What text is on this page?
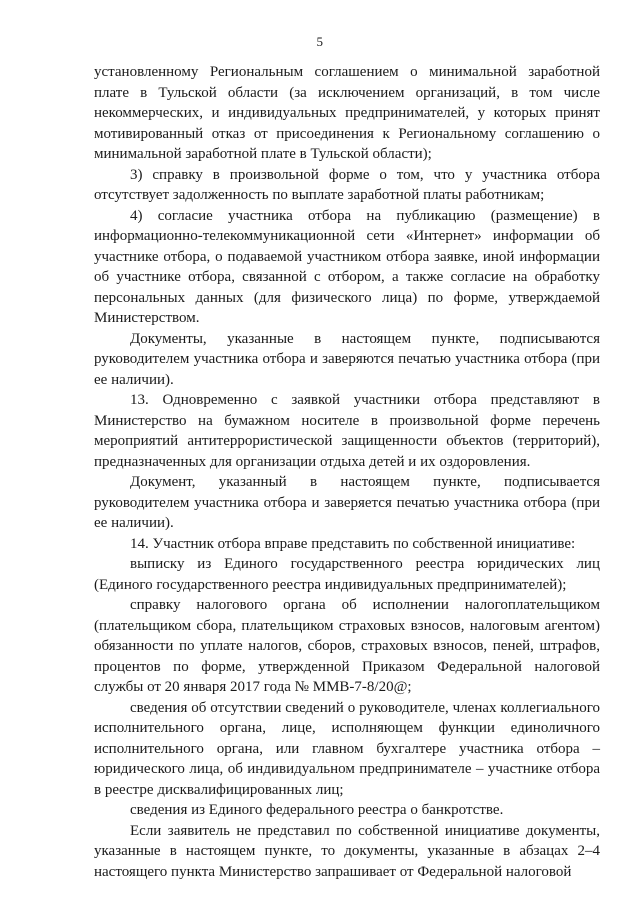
5

установленному Региональным соглашением о минимальной заработной плате в Тульской области (за исключением организаций, в том числе некоммерческих, и индивидуальных предпринимателей, у которых принят мотивированный отказ от присоединения к Региональному соглашению о минимальной заработной плате в Тульской области);

3) справку в произвольной форме о том, что у участника отбора отсутствует задолженность по выплате заработной платы работникам;

4) согласие участника отбора на публикацию (размещение) в информационно-телекоммуникационной сети «Интернет» информации об участнике отбора, о подаваемой участником отбора заявке, иной информации об участнике отбора, связанной с отбором, а также согласие на обработку персональных данных (для физического лица) по форме, утверждаемой Министерством.

Документы, указанные в настоящем пункте, подписываются руководителем участника отбора и заверяются печатью участника отбора (при ее наличии).

13. Одновременно с заявкой участники отбора представляют в Министерство на бумажном носителе в произвольной форме перечень мероприятий антитеррористической защищенности объектов (территорий), предназначенных для организации отдыха детей и их оздоровления.

Документ, указанный в настоящем пункте, подписывается руководителем участника отбора и заверяется печатью участника отбора (при ее наличии).

14. Участник отбора вправе представить по собственной инициативе:

выписку из Единого государственного реестра юридических лиц (Единого государственного реестра индивидуальных предпринимателей);

справку налогового органа об исполнении налогоплательщиком (плательщиком сбора, плательщиком страховых взносов, налоговым агентом) обязанности по уплате налогов, сборов, страховых взносов, пеней, штрафов, процентов по форме, утвержденной Приказом Федеральной налоговой службы от 20 января 2017 года № ММВ-7-8/20@;

сведения об отсутствии сведений о руководителе, членах коллегиального исполнительного органа, лице, исполняющем функции единоличного исполнительного органа, или главном бухгалтере участника отбора – юридического лица, об индивидуальном предпринимателе – участнике отбора в реестре дисквалифицированных лиц;

сведения из Единого федерального реестра о банкротстве.

Если заявитель не представил по собственной инициативе документы, указанные в настоящем пункте, то документы, указанные в абзацах 2–4 настоящего пункта Министерство запрашивает от Федеральной налоговой
